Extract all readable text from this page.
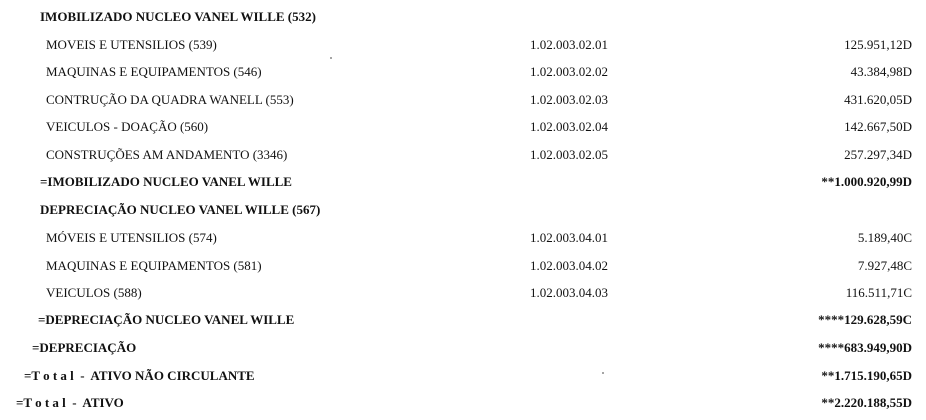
IMOBILIZADO NUCLEO VANEL WILLE (532)
MOVEIS E UTENSILIOS (539)	1.02.003.02.01	125.951,12D
MAQUINAS E EQUIPAMENTOS (546)	1.02.003.02.02	43.384,98D
CONTRUÇÃO DA QUADRA WANELL (553)	1.02.003.02.03	431.620,05D
VEICULOS - DOAÇÃO (560)	1.02.003.02.04	142.667,50D
CONSTRUÇÕES AM ANDAMENTO (3346)	1.02.003.02.05	257.297,34D
=IMOBILIZADO NUCLEO VANEL WILLE	**1.000.920,99D
DEPRECIAÇÃO NUCLEO VANEL WILLE (567)
MÓVEIS E UTENSILIOS (574)	1.02.003.04.01	5.189,40C
MAQUINAS E EQUIPAMENTOS (581)	1.02.003.04.02	7.927,48C
VEICULOS (588)	1.02.003.04.03	116.511,71C
=DEPRECIAÇÃO NUCLEO VANEL WILLE	****129.628,59C
=DEPRECIAÇÃO	****683.949,90D
=T o t a l  -  ATIVO NÃO CIRCULANTE	**1.715.190,65D
=T o t a l  -  ATIVO	**2.220.188,55D
